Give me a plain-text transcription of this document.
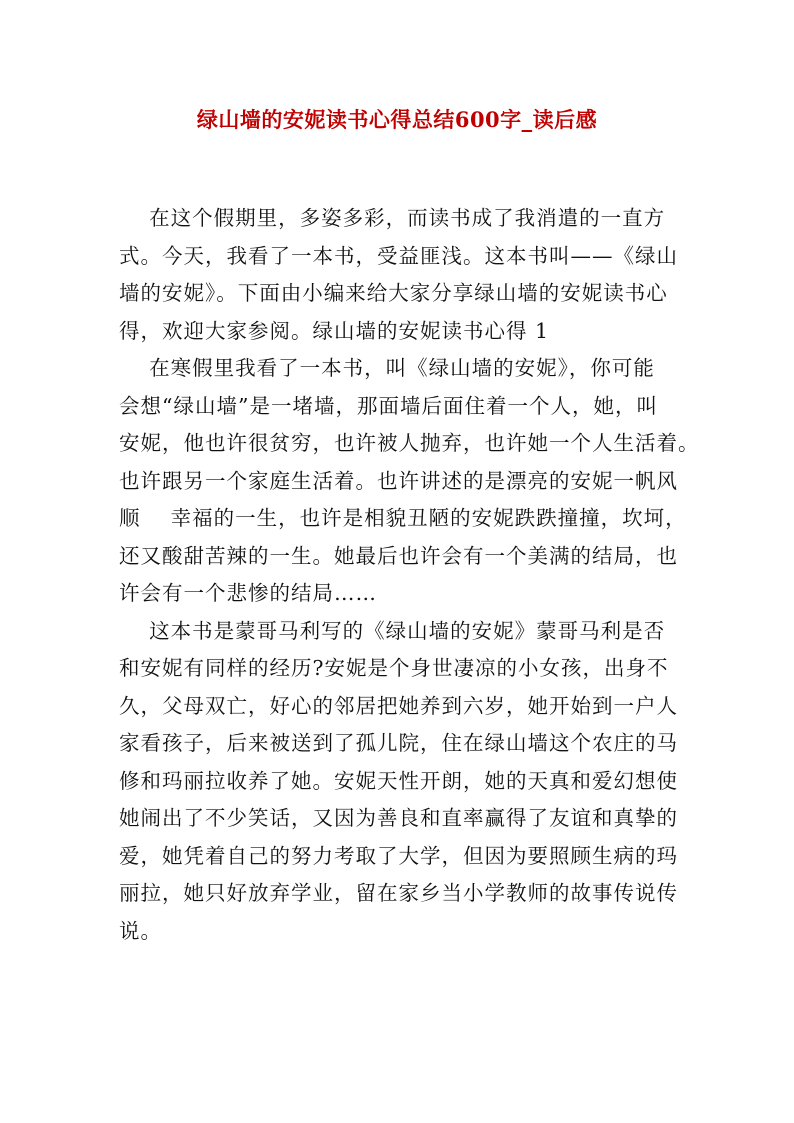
绿山墙的安妮读书心得总结600字_读后感
在这个假期里，多姿多彩，而读书成了我消遣的一直方
式。今天，我看了一本书，受益匪浅。这本书叫——《绿山
墙的安妮》。下面由小编来给大家分享绿山墙的安妮读书心
得，欢迎大家参阅。绿山墙的安妮读书心得 1
在寒假里我看了一本书，叫《绿山墙的安妮》，你可能
会想“绿山墙”是一堵墙，那面墙后面住着一个人，她，叫
安妮，他也许很贫穷，也许被人抛弃，也许她一个人生活着。
也许跟另一个家庭生活着。也许讲述的是漂亮的安妮一帆风
顺    幸福的一生，也许是相貌丑陋的安妮跌跌撞撞，坎坷，
还又酸甜苦辣的一生。她最后也许会有一个美满的结局，也
许会有一个悲惨的结局……
这本书是蒙哥马利写的《绿山墙的安妮》蒙哥马利是否
和安妮有同样的经历?安妮是个身世凄凉的小女孩，出身不
久，父母双亡，好心的邻居把她养到六岁，她开始到一户人
家看孩子，后来被送到了孤儿院，住在绿山墙这个农庄的马
修和玛丽拉收养了她。安妮天性开朗，她的天真和爱幻想使
她闹出了不少笑话，又因为善良和直率赢得了友谊和真挚的
爱，她凭着自己的努力考取了大学，但因为要照顾生病的玛
丽拉，她只好放弃学业，留在家乡当小学教师的故事传说传
说。
